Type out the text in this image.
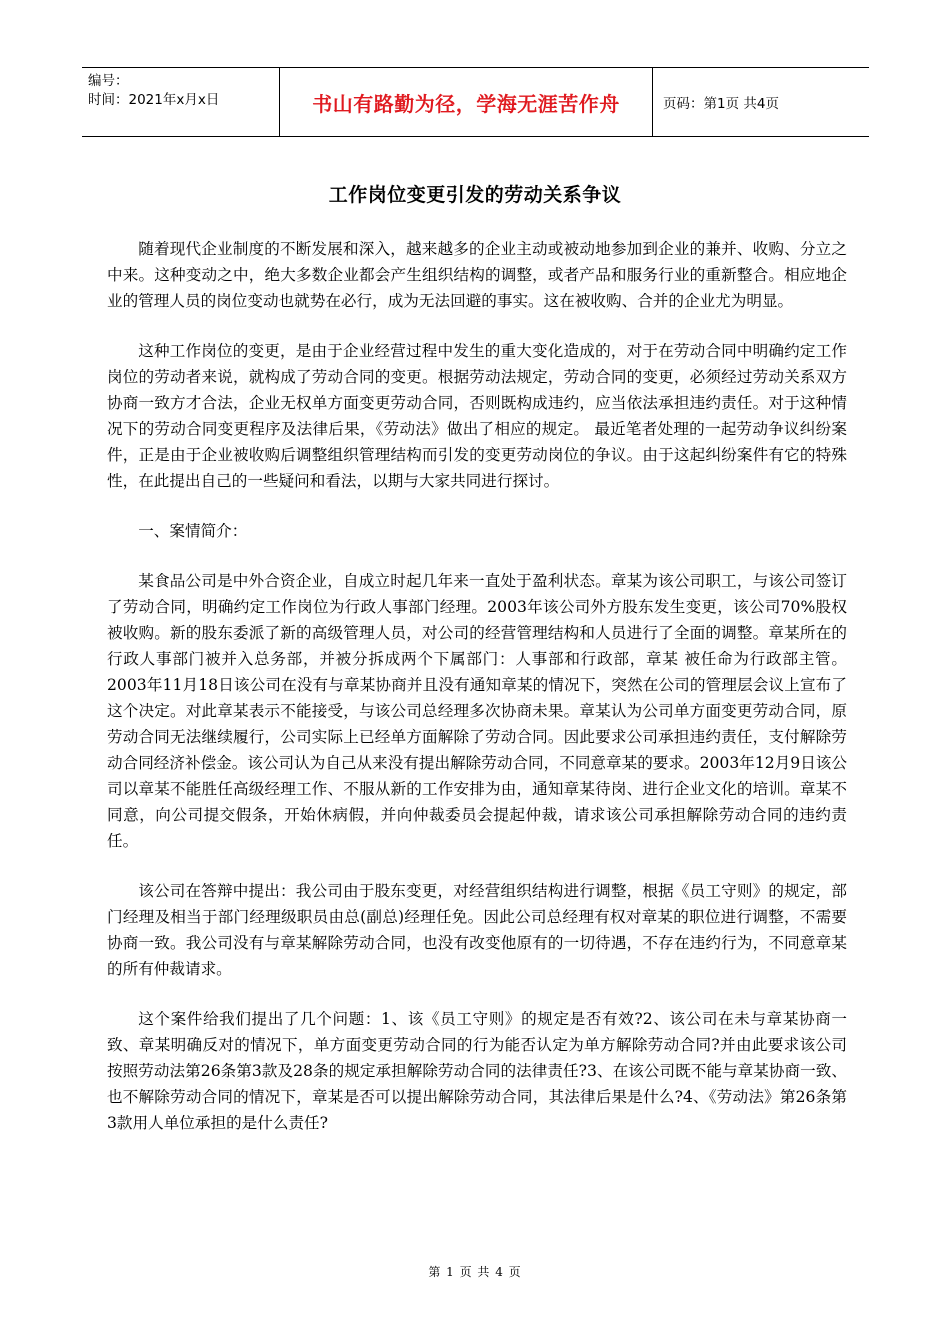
编号：
时间：2021年x月x日	书山有路勤为径，学海无涯苦作舟	页码：第1页 共4页
工作岗位变更引发的劳动关系争议

随着现代企业制度的不断发展和深入，越来越多的企业主动或被动地参加到企业的兼并、收购、分立之中来。这种变动之中，绝大多数企业都会产生组织结构的调整，或者产品和服务行业的重新整合。相应地企业的管理人员的岗位变动也就势在必行，成为无法回避的事实。这在被收购、合并的企业尤为明显。

这种工作岗位的变更，是由于企业经营过程中发生的重大变化造成的，对于在劳动合同中明确约定工作岗位的劳动者来说，就构成了劳动合同的变更。根据劳动法规定，劳动合同的变更，必须经过劳动关系双方协商一致方才合法，企业无权单方面变更劳动合同，否则既构成违约，应当依法承担违约责任。对于这种情况下的劳动合同变更程序及法律后果，《劳动法》做出了相应的规定。 最近笔者处理的一起劳动争议纠纷案件，正是由于企业被收购后调整组织管理结构而引发的变更劳动岗位的争议。由于这起纠纷案件有它的特殊性，在此提出自己的一些疑问和看法，以期与大家共同进行探讨。

一、案情简介：

某食品公司是中外合资企业，自成立时起几年来一直处于盈利状态。章某为该公司职工，与该公司签订了劳动合同，明确约定工作岗位为行政人事部门经理。2003年该公司外方股东发生变更，该公司70%股权被收购。新的股东委派了新的高级管理人员，对公司的经营管理结构和人员进行了全面的调整。章某所在的行政人事部门被并入总务部，并被分拆成两个下属部门：人事部和行政部，章某 被任命为行政部主管。2003年11月18日该公司在没有与章某协商并且没有通知章某的情况下，突然在公司的管理层会议上宣布了这个决定。对此章某表示不能接受，与该公司总经理多次协商未果。章某认为公司单方面变更劳动合同，原劳动合同无法继续履行，公司实际上已经单方面解除了劳动合同。因此要求公司承担违约责任，支付解除劳动合同经济补偿金。该公司认为自己从来没有提出解除劳动合同，不同意章某的要求。2003年12月9日该公司以章某不能胜任高级经理工作、不服从新的工作安排为由，通知章某待岗、进行企业文化的培训。章某不同意，向公司提交假条，开始休病假，并向仲裁委员会提起仲裁，请求该公司承担解除劳动合同的违约责任。

该公司在答辩中提出：我公司由于股东变更，对经营组织结构进行调整，根据《员工守则》的规定，部门经理及相当于部门经理级职员由总(副总)经理任免。因此公司总经理有权对章某的职位进行调整，不需要协商一致。我公司没有与章某解除劳动合同，也没有改变他原有的一切待遇，不存在违约行为，不同意章某的所有仲裁请求。

这个案件给我们提出了几个问题：1、该《员工守则》的规定是否有效?2、该公司在未与章某协商一致、章某明确反对的情况下，单方面变更劳动合同的行为能否认定为单方解除劳动合同?并由此要求该公司按照劳动法第26条第3款及28条的规定承担解除劳动合同的法律责任?3、在该公司既不能与章某协商一致、也不解除劳动合同的情况下，章某是否可以提出解除劳动合同，其法律后果是什么?4、《劳动法》第26条第3款用人单位承担的是什么责任?

第 1 页 共 4 页
